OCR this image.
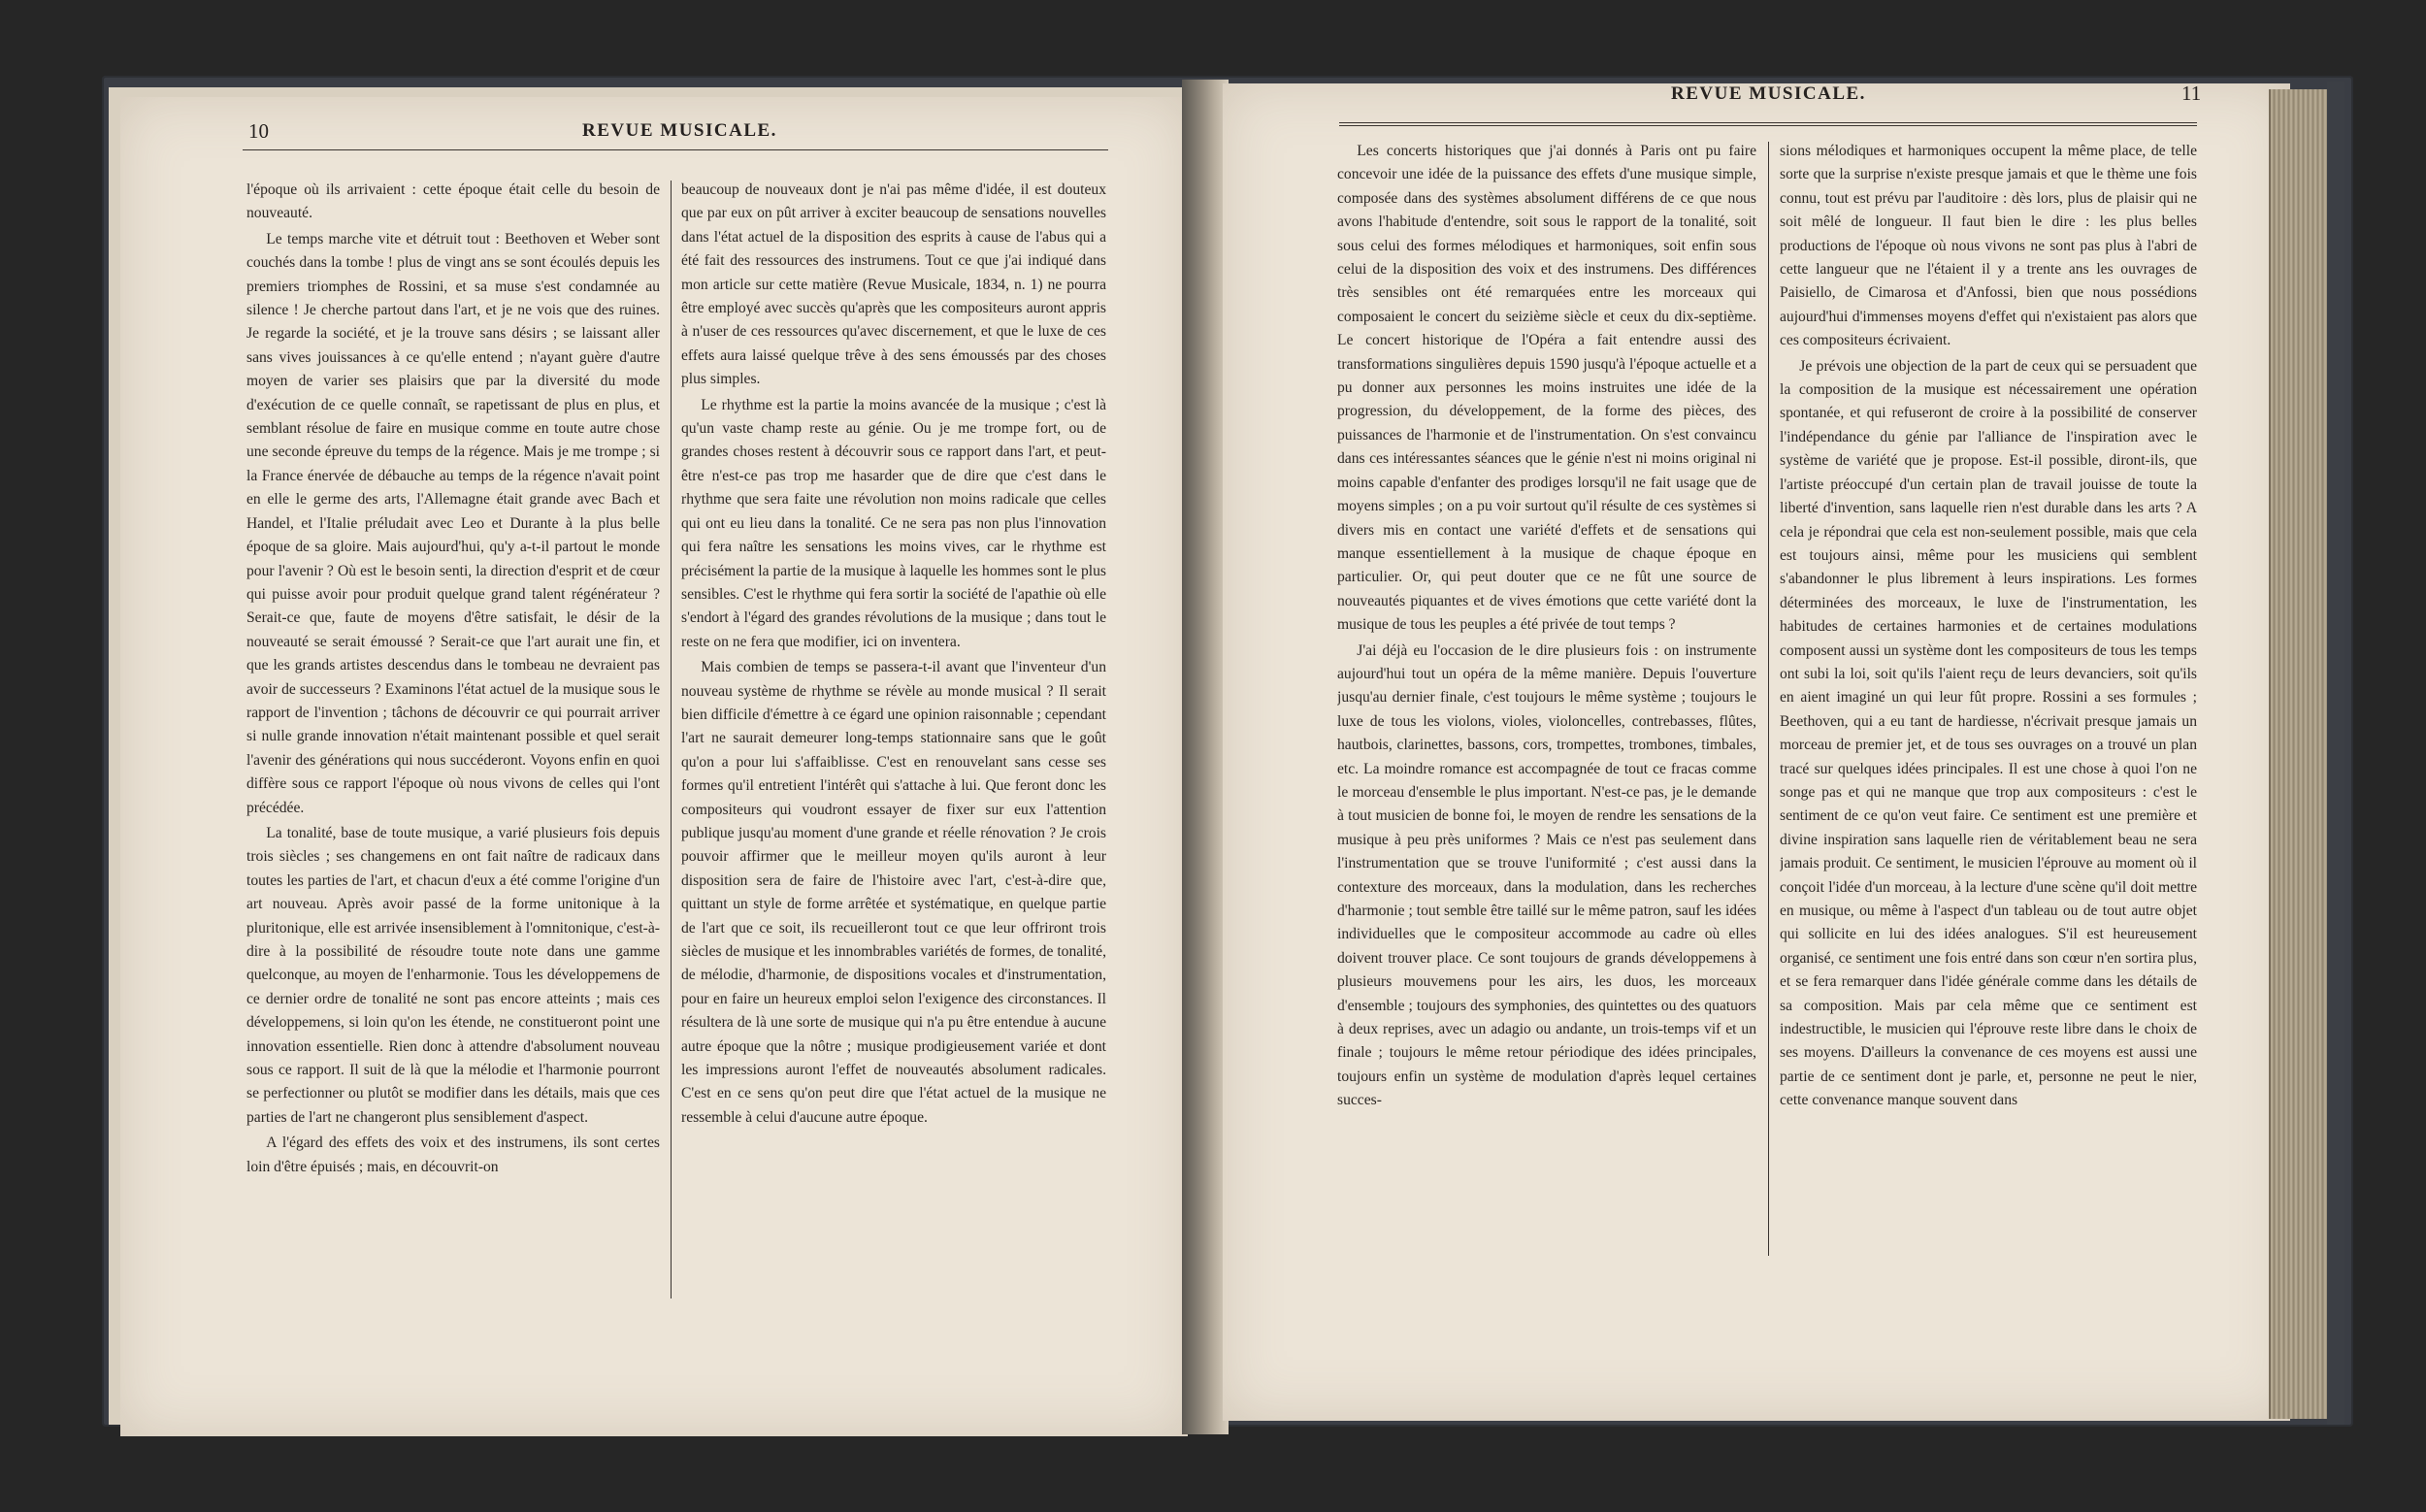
10	REVUE MUSICALE.

l'époque où ils arrivaient : cette époque était celle du besoin de nouveauté.

Le temps marche vite et détruit tout : Beethoven et Weber sont couchés dans la tombe ! plus de vingt ans se sont écoulés depuis les premiers triomphes de Rossini, et sa muse s'est condamnée au silence ! Je cherche partout dans l'art, et je ne vois que des ruines. Je regarde la société, et je la trouve sans désirs ; se laissant aller sans vives jouissances à ce qu'elle entend ; n'ayant guère d'autre moyen de varier ses plaisirs que par la diversité du mode d'exécution de ce quelle connaît, se rapetissant de plus en plus, et semblant résolue de faire en musique comme en toute autre chose une seconde épreuve du temps de la régence. Mais je me trompe ; si la France énervée de débauche au temps de la régence n'avait point en elle le germe des arts, l'Allemagne était grande avec Bach et Handel, et l'Italie préludait avec Leo et Durante à la plus belle époque de sa gloire. Mais aujourd'hui, qu'y a-t-il partout le monde pour l'avenir ? Où est le besoin senti, la direction d'esprit et de cœur qui puisse avoir pour produit quelque grand talent régénérateur ? Serait-ce que, faute de moyens d'être satisfait, le désir de la nouveauté se serait émoussé ? Serait-ce que l'art aurait une fin, et que les grands artistes descendus dans le tombeau ne devraient pas avoir de successeurs ? Examinons l'état actuel de la musique sous le rapport de l'invention ; tâchons de découvrir ce qui pourrait arriver si nulle grande innovation n'était maintenant possible et quel serait l'avenir des générations qui nous succéderont. Voyons enfin en quoi diffère sous ce rapport l'époque où nous vivons de celles qui l'ont précédée.

La tonalité, base de toute musique, a varié plusieurs fois depuis trois siècles ; ses changemens en ont fait naître de radicaux dans toutes les parties de l'art, et chacun d'eux a été comme l'origine d'un art nouveau. Après avoir passé de la forme unitonique à la pluritonique, elle est arrivée insensiblement à l'omnitonique, c'est-à-dire à la possibilité de résoudre toute note dans une gamme quelconque, au moyen de l'enharmonie. Tous les développemens de ce dernier ordre de tonalité ne sont pas encore atteints ; mais ces développemens, si loin qu'on les étende, ne constitueront point une innovation essentielle. Rien donc à attendre d'absolument nouveau sous ce rapport. Il suit de là que la mélodie et l'harmonie pourront se perfectionner ou plutôt se modifier dans les détails, mais que ces parties de l'art ne changeront plus sensiblement d'aspect.

A l'égard des effets des voix et des instrumens, ils sont certes loin d'être épuisés ; mais, en découvrit-on

beaucoup de nouveaux dont je n'ai pas même d'idée, il est douteux que par eux on pût arriver à exciter beaucoup de sensations nouvelles dans l'état actuel de la disposition des esprits à cause de l'abus qui a été fait des ressources des instrumens. Tout ce que j'ai indiqué dans mon article sur cette matière (Revue Musicale, 1834, n. 1) ne pourra être employé avec succès qu'après que les compositeurs auront appris à n'user de ces ressources qu'avec discernement, et que le luxe de ces effets aura laissé quelque trêve à des sens émoussés par des choses plus simples.

Le rhythme est la partie la moins avancée de la musique ; c'est là qu'un vaste champ reste au génie. Ou je me trompe fort, ou de grandes choses restent à découvrir sous ce rapport dans l'art, et peut-être n'est-ce pas trop me hasarder que de dire que c'est dans le rhythme que sera faite une révolution non moins radicale que celles qui ont eu lieu dans la tonalité. Ce ne sera pas non plus l'innovation qui fera naître les sensations les moins vives, car le rhythme est précisément la partie de la musique à laquelle les hommes sont le plus sensibles. C'est le rhythme qui fera sortir la société de l'apathie où elle s'endort à l'égard des grandes révolutions de la musique ; dans tout le reste on ne fera que modifier, ici on inventera.

Mais combien de temps se passera-t-il avant que l'inventeur d'un nouveau système de rhythme se révèle au monde musical ? Il serait bien difficile d'émettre à ce égard une opinion raisonnable ; cependant l'art ne saurait demeurer long-temps stationnaire sans que le goût qu'on a pour lui s'affaiblisse. C'est en renouvelant sans cesse ses formes qu'il entretient l'intérêt qui s'attache à lui. Que feront donc les compositeurs qui voudront essayer de fixer sur eux l'attention publique jusqu'au moment d'une grande et réelle rénovation ? Je crois pouvoir affirmer que le meilleur moyen qu'ils auront à leur disposition sera de faire de l'histoire avec l'art, c'est-à-dire que, quittant un style de forme arrêtée et systématique, en quelque partie de l'art que ce soit, ils recueilleront tout ce que leur offriront trois siècles de musique et les innombrables variétés de formes, de tonalité, de mélodie, d'harmonie, de dispositions vocales et d'instrumentation, pour en faire un heureux emploi selon l'exigence des circonstances. Il résultera de là une sorte de musique qui n'a pu être entendue à aucune autre époque que la nôtre ; musique prodigieusement variée et dont les impressions auront l'effet de nouveautés absolument radicales. C'est en ce sens qu'on peut dire que l'état actuel de la musique ne ressemble à celui d'aucune autre époque.

REVUE MUSICALE.	11

Les concerts historiques que j'ai donnés à Paris ont pu faire concevoir une idée de la puissance des effets d'une musique simple, composée dans des systèmes absolument différens de ce que nous avons l'habitude d'entendre, soit sous le rapport de la tonalité, soit sous celui des formes mélodiques et harmoniques, soit enfin sous celui de la disposition des voix et des instrumens. Des différences très sensibles ont été remarquées entre les morceaux qui composaient le concert du seizième siècle et ceux du dix-septième. Le concert historique de l'Opéra a fait entendre aussi des transformations singulières depuis 1590 jusqu'à l'époque actuelle et a pu donner aux personnes les moins instruites une idée de la progression, du développement, de la forme des pièces, des puissances de l'harmonie et de l'instrumentation. On s'est convaincu dans ces intéressantes séances que le génie n'est ni moins original ni moins capable d'enfanter des prodiges lorsqu'il ne fait usage que de moyens simples ; on a pu voir surtout qu'il résulte de ces systèmes si divers mis en contact une variété d'effets et de sensations qui manque essentiellement à la musique de chaque époque en particulier. Or, qui peut douter que ce ne fût une source de nouveautés piquantes et de vives émotions que cette variété dont la musique de tous les peuples a été privée de tout temps ?

J'ai déjà eu l'occasion de le dire plusieurs fois : on instrumente aujourd'hui tout un opéra de la même manière. Depuis l'ouverture jusqu'au dernier finale, c'est toujours le même système ; toujours le luxe de tous les violons, violes, violoncelles, contrebasses, flûtes, hautbois, clarinettes, bassons, cors, trompettes, trombones, timbales, etc. La moindre romance est accompagnée de tout ce fracas comme le morceau d'ensemble le plus important. N'est-ce pas, je le demande à tout musicien de bonne foi, le moyen de rendre les sensations de la musique à peu près uniformes ? Mais ce n'est pas seulement dans l'instrumentation que se trouve l'uniformité ; c'est aussi dans la contexture des morceaux, dans la modulation, dans les recherches d'harmonie ; tout semble être taillé sur le même patron, sauf les idées individuelles que le compositeur accommode au cadre où elles doivent trouver place. Ce sont toujours de grands développemens à plusieurs mouvemens pour les airs, les duos, les morceaux d'ensemble ; toujours des symphonies, des quintettes ou des quatuors à deux reprises, avec un adagio ou andante, un trois-temps vif et un finale ; toujours le même retour périodique des idées principales, toujours enfin un système de modulation d'après lequel certaines succes-

sions mélodiques et harmoniques occupent la même place, de telle sorte que la surprise n'existe presque jamais et que le thème une fois connu, tout est prévu par l'auditoire : dès lors, plus de plaisir qui ne soit mêlé de longueur. Il faut bien le dire : les plus belles productions de l'époque où nous vivons ne sont pas plus à l'abri de cette langueur que ne l'étaient il y a trente ans les ouvrages de Paisiello, de Cimarosa et d'Anfossi, bien que nous possédions aujourd'hui d'immenses moyens d'effet qui n'existaient pas alors que ces compositeurs écrivaient.

Je prévois une objection de la part de ceux qui se persuadent que la composition de la musique est nécessairement une opération spontanée, et qui refuseront de croire à la possibilité de conserver l'indépendance du génie par l'alliance de l'inspiration avec le système de variété que je propose. Est-il possible, diront-ils, que l'artiste préoccupé d'un certain plan de travail jouisse de toute la liberté d'invention, sans laquelle rien n'est durable dans les arts ? A cela je répondrai que cela est non-seulement possible, mais que cela est toujours ainsi, même pour les musiciens qui semblent s'abandonner le plus librement à leurs inspirations. Les formes déterminées des morceaux, le luxe de l'instrumentation, les habitudes de certaines harmonies et de certaines modulations composent aussi un système dont les compositeurs de tous les temps ont subi la loi, soit qu'ils l'aient reçu de leurs devanciers, soit qu'ils en aient imaginé un qui leur fût propre. Rossini a ses formules ; Beethoven, qui a eu tant de hardiesse, n'écrivait presque jamais un morceau de premier jet, et de tous ses ouvrages on a trouvé un plan tracé sur quelques idées principales. Il est une chose à quoi l'on ne songe pas et qui ne manque que trop aux compositeurs : c'est le sentiment de ce qu'on veut faire. Ce sentiment est une première et divine inspiration sans laquelle rien de véritablement beau ne sera jamais produit. Ce sentiment, le musicien l'éprouve au moment où il conçoit l'idée d'un morceau, à la lecture d'une scène qu'il doit mettre en musique, ou même à l'aspect d'un tableau ou de tout autre objet qui sollicite en lui des idées analogues. S'il est heureusement organisé, ce sentiment une fois entré dans son cœur n'en sortira plus, et se fera remarquer dans l'idée générale comme dans les détails de sa composition. Mais par cela même que ce sentiment est indestructible, le musicien qui l'éprouve reste libre dans le choix de ses moyens. D'ailleurs la convenance de ces moyens est aussi une partie de ce sentiment dont je parle, et, personne ne peut le nier, cette convenance manque souvent dans
